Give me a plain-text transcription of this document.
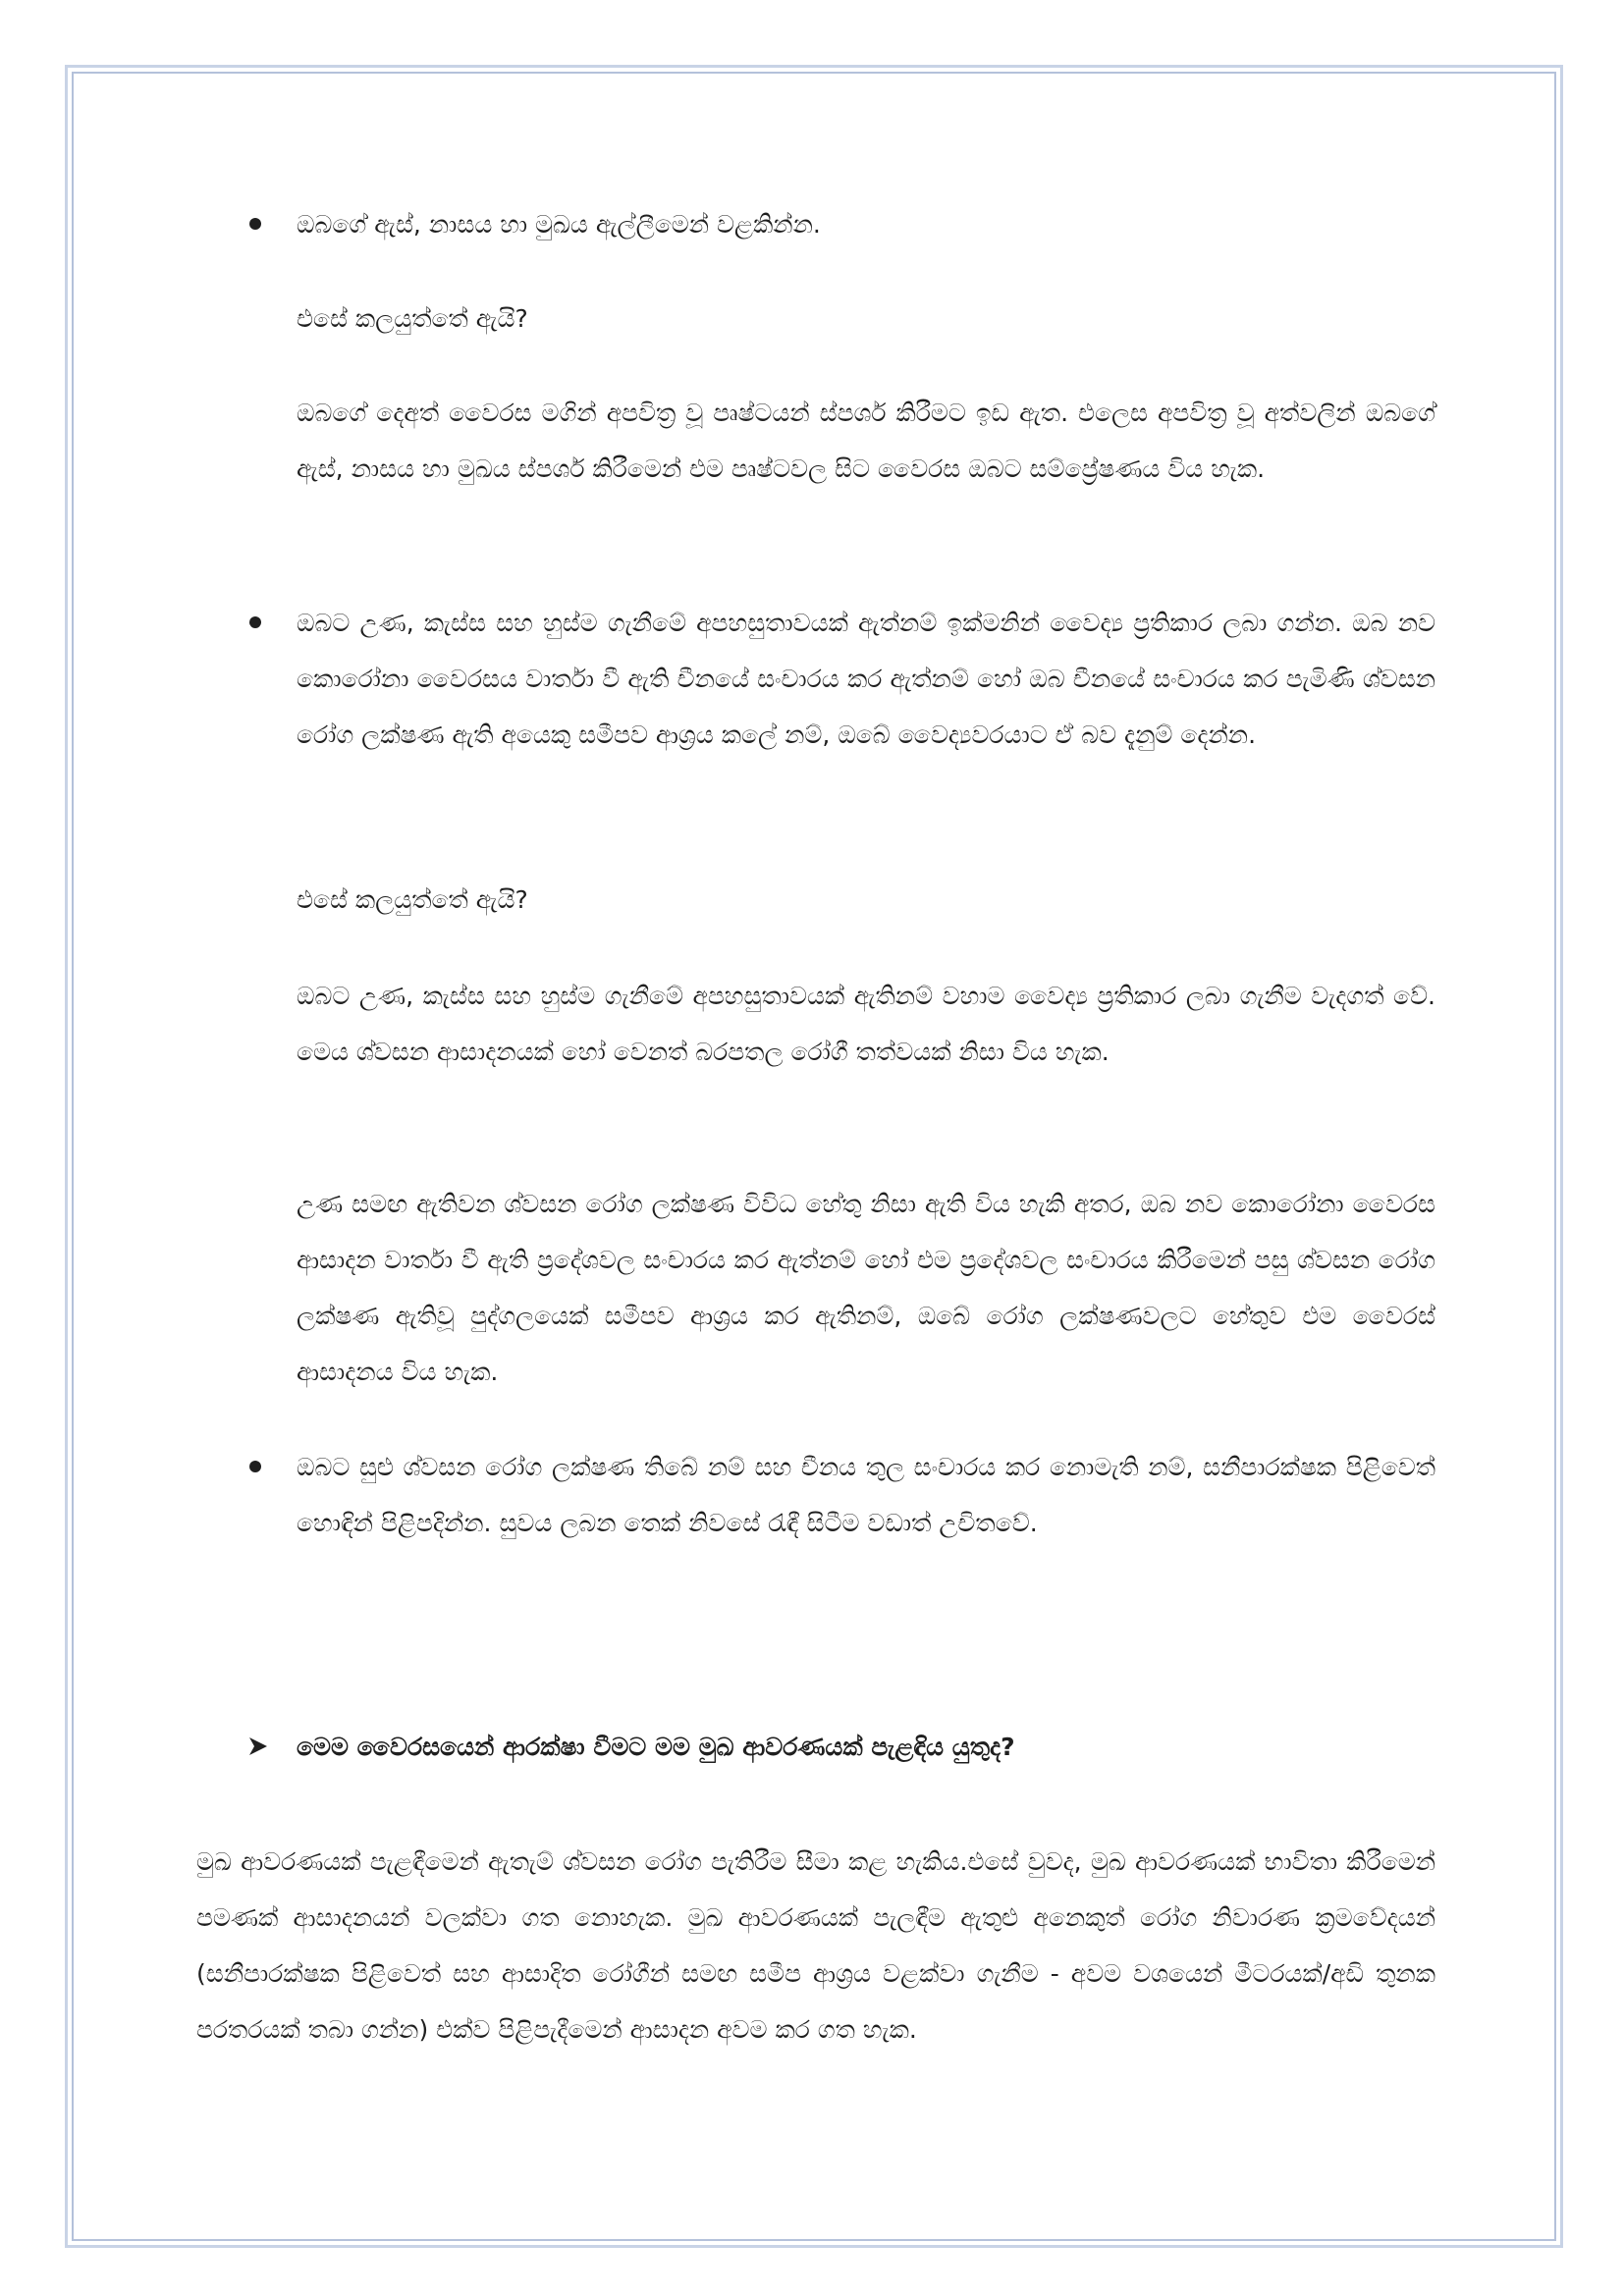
ඔබගේ ඇස්, නාසය හා මුඛය ඇල්ලීමෙන් වළකින්න.

එසේ කලයුත්තේ ඇයි?

ඔබගේ දෙඅත් වෛරස මගින් අපවිත්‍ර වූ පෘෂ්ටයන් ස්පර්ශ කිරීමට ඉඩ ඇත. එලෙස අපවිත්‍ර වූ අත්වලින් ඔබගේ ඇස්, නාසය හා මුඛය ස්පර්ශ කිරීමෙන් එම පෘෂ්ටවල සිට වෛරස ඔබට සම්ප්‍රේෂණය විය හැක.

ඔබට උණ, කැස්ස සහ හුස්ම ගැනීමේ අපහසුතාවයක් ඇත්නම් ඉක්මනින් වෛද්‍ය ප්‍රතිකාර ලබා ගන්න. ඔබ නව කොරෝනා වෛරසය වාර්තා වී ඇති චීනයේ සංචාරය කර ඇත්නම් හෝ ඔබ චීනයේ සංචාරය කර පැමිණි ශ්වසන රෝග ලක්ෂණ ඇති අයෙකු සමීපව ආශ්‍රය කලේ නම්, ඔබේ වෛද්‍යවරයාට ඒ බව දැනුම් දෙන්න.

එසේ කලයුත්තේ ඇයි?

ඔබට උණ, කැස්ස සහ හුස්ම ගැනීමේ අපහසුතාවයක් ඇතිනම් වහාම වෛද්‍ය ප්‍රතිකාර ලබා ගැනීම වැදගත් වේ. මෙය ශ්වසන ආසාදනයක් හෝ වෙනත් බරපතල රෝගී තත්වයක් නිසා විය හැක.

උණ සමඟ ඇතිවන ශ්වසන රෝග ලක්ෂණ විවිධ හේතු නිසා ඇති විය හැකි අතර, ඔබ නව කොරෝනා වෛරස ආසාදන වාර්තා වී ඇති ප්‍රදේශවල සංචාරය කර ඇත්නම් හෝ එම ප්‍රදේශවල සංචාරය කිරීමෙන් පසු ශ්වසන රෝග ලක්ෂණ ඇතිවූ පුද්ගලයෙක් සමීපව ආශ්‍රය කර ඇතිනම්, ඔබේ රෝග ලක්ෂණවලට හේතුව එම වෛරස් ආසාදනය විය හැක.

ඔබට සුළු ශ්වසන රෝග ලක්ෂණ තිබේ නම් සහ චීනය තුල සංචාරය කර නොමැති නම්, සනීපාරක්ෂක පිළිවෙත් හොඳින් පිළිපදින්න. සුවය ලබන තෙක් නිවසේ රැඳී සිටීම වඩාත් උචිතවේ.

මෙම වෛරසයෙන් ආරක්ෂා වීමට මම මුඛ ආවරණයක් පැළඳිය යුතුද?

මුඛ ආවරණයක් පැළඳීමෙන් ඇතැම් ශ්වසන රෝග පැතිරීම සීමා කළ හැකිය.එසේ වුවද, මුඛ ආවරණයක් භාවිතා කිරීමෙන් පමණක් ආසාදනයන් වලක්වා ගත නොහැක. මුඛ ආවරණයක් පැලඳීම ඇතුළු අනෙකුත් රෝග නිවාරණ ක්‍රමවේදයන් (සනීපාරක්ෂක පිළිවෙත් සහ ආසාදිත රෝගීන් සමඟ සමීප ආශ්‍රය වළක්වා ගැනීම - අවම වශයෙන් මීටරයක්/අඩි තුනක පරතරයක් තබා ගන්න) එක්ව පිළිපැදීමෙන් ආසාදන අවම කර ගත හැක.
